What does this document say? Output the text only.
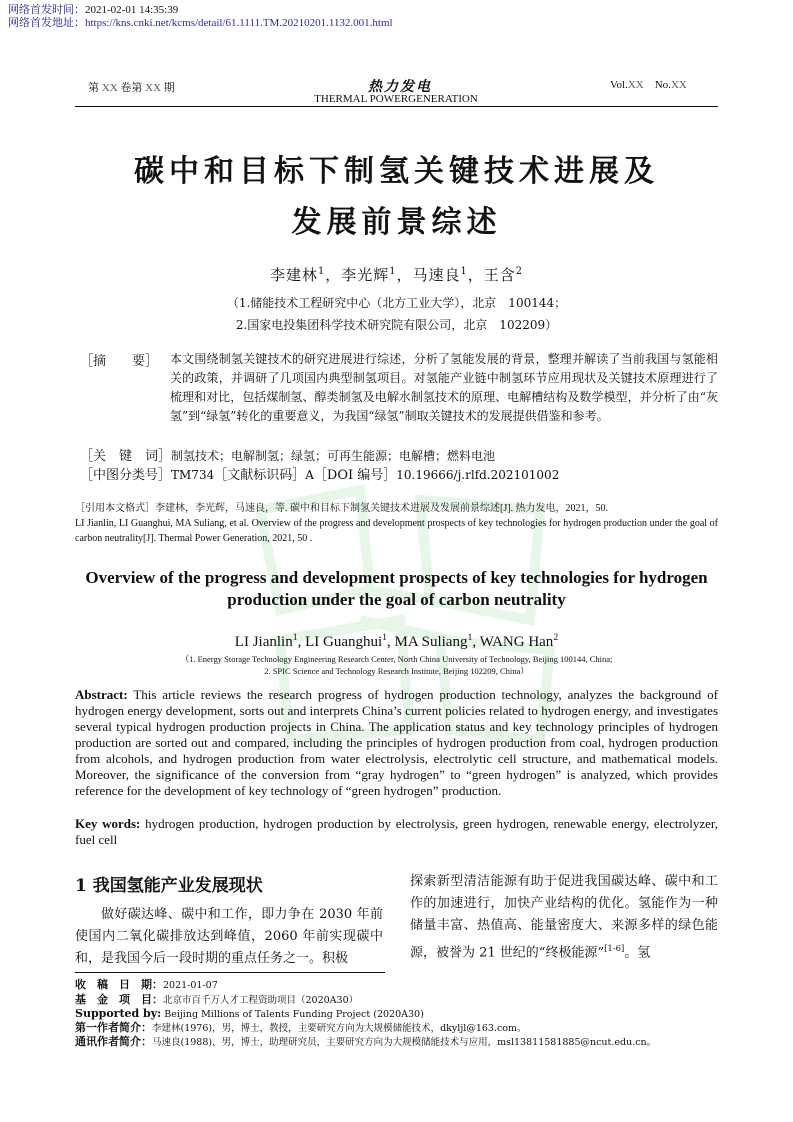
网络首发时间：2021-02-01 14:35:39
网络首发地址：https://kns.cnki.net/kcms/detail/61.1111.TM.20210201.1132.001.html
第 XX 卷第 XX 期	热力发电
THERMAL POWERGENERATION
Vol.XX No.XX
碳中和目标下制氢关键技术进展及
发展前景综述
李建林$^1$，李光辉$^1$，马速良$^1$，王含$^2$
（1.储能技术工程研究中心（北方工业大学），北京　100144；
2.国家电投集团科学技术研究院有限公司，北京　102209）
［摘　　要］ 本文围绕制氢关键技术的研究进展进行综述，分析了氢能发展的背景，整理并解读了当前我国与氢能相关的政策，并调研了几项国内典型制氢项目。对氢能产业链中制氢环节应用现状及关键技术原理进行了梳理和对比，包括煤制氢、醇类制氢及电解水制氢技术的原理、电解槽结构及数学模型，并分析了由“灰氢”到“绿氢”转化的重要意义，为我国“绿氢”制取关键技术的发展提供借鉴和参考。
［关　键　词］制氢技术；电解制氢；绿氢；可再生能源；电解槽；燃料电池
［中图分类号］TM734［文献标识码］A［DOI 编号］10.19666/j.rlfd.202101002
［引用本文格式］李建林，李光辉，马速良，等. 碳中和目标下制氢关键技术进展及发展前景综述[J]. 热力发电，2021，50.
LI Jianlin, LI Guanghui, MA Suliang, et al. Overview of the progress and development prospects of key technologies for hydrogen production under the goal of carbon neutrality[J]. Thermal Power Generation, 2021, 50 .
Overview of the progress and development prospects of key technologies for hydrogen production under the goal of carbon neutrality
LI Jianlin$^1$, LI Guanghui$^1$, MA Suliang$^1$, WANG Han$^2$
（1. Energy Storage Technology Engineering Research Center, North China University of Technology, Beijing 100144, China;
2. SPIC Science and Technology Research Institute, Beijing 102209, China）
Abstract: This article reviews the research progress of hydrogen production technology, analyzes the background of hydrogen energy development, sorts out and interprets China’s current policies related to hydrogen energy, and investigates several typical hydrogen production projects in China. The application status and key technology principles of hydrogen production are sorted out and compared, including the principles of hydrogen production from coal, hydrogen production from alcohols, and hydrogen production from water electrolysis, electrolytic cell structure, and mathematical models. Moreover, the significance of the conversion from “gray hydrogen” to “green hydrogen” is analyzed, which provides reference for the development of key technology of “green hydrogen” production.
Key words: hydrogen production, hydrogen production by electrolysis, green hydrogen, renewable energy, electrolyzer, fuel cell
1 我国氢能产业发展现状
做好碳达峰、碳中和工作，即力争在 2030 年前使国内二氧化碳排放达到峰值，2060 年前实现碳中和，是我国今后一段时期的重点任务之一。积极
探索新型清洁能源有助于促进我国碳达峰、碳中和工作的加速进行，加快产业结构的优化。氢能作为一种储量丰富、热值高、能量密度大、来源多样的绿色能源，被誉为 21 世纪的“终极能源”[1-6]。氢
收　稿　日　期：2021-01-07
基　金　项　目：北京市百千万人才工程资助项目（2020A30）
Supported by: Beijing Millions of Talents Funding Project (2020A30)
第一作者简介：李建林(1976)，男，博士，教授，主要研究方向为大规模储能技术，dkyljl@163.com。
通讯作者简介：马速良(1988)，男，博士，助理研究员，主要研究方向为大规模储能技术与应用，msl13811581885@ncut.edu.cn。
